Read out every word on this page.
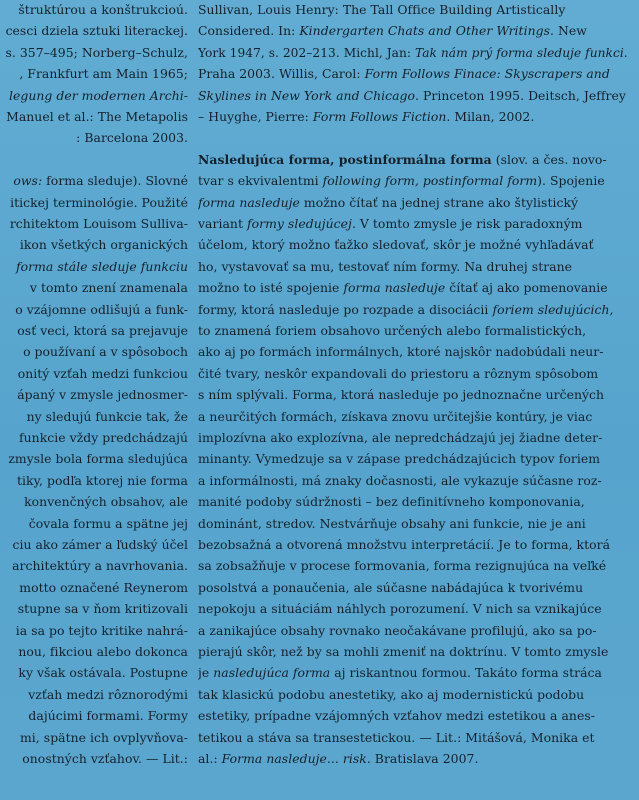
štruktúrou a konštrukcioú.
cesci dziela sztuki literackej.
s. 357–495; Norberg–Schulz,
, Frankfurt am Main 1965;
legung der modernen Archi-
Manuel et al.: The Metapolis
: Barcelona 2003.
ows: forma sleduje). Slovné
itickej terminológie. Použité
rchitektom Louisom Sulliva-
ikon všetkých organických
forma stále sleduje funkciu
v tomto znení znamenala
o vzájomne odlišujú a funk-
osť veci, ktorá sa prejavuje
o používaní a v spôsoboch
onitý vzťah medzi funkciou
ápaný v zmysle jednosmer-
ny sledujú funkcie tak, že
funkcie vždy predchádzajú
zmysle bola forma sledujúca
tiky, podľa ktorej nie forma
konvenčných obsahov, ale
čovala formu a spätne jej
ciu ako zámer a ľudský účel
architektúry a navrhovania.
motto označené Reynerom
stupne sa v ňom kritizovali
ia sa po tejto kritike nahrá-
nou, fikciou alebo dokonca
ky však ostávala. Postupne
vzťah medzi rôznorodými
dajúcimi formami. Formy
mi, spätne ich ovplyvňova-
onostných vzťahov. — Lit.:
Sullivan, Louis Henry: The Tall Office Building Artistically
Considered. In: Kindergarten Chats and Other Writings. New
York 1947, s. 202–213. Michl, Jan: Tak nám prý forma sleduje funkci.
Praha 2003. Willis, Carol: Form Follows Finace: Skyscrapers and
Skylines in New York and Chicago. Princeton 1995. Deitsch, Jeffrey
– Huyghe, Pierre: Form Follows Fiction. Milan, 2002.
Nasledujúca forma, postinformálna forma (slov. a čes. novo-
tvar s ekvivalentmi following form, postinformal form). Spojenie
forma nasleduje možno čítať na jednej strane ako štylistický
variant formy sledujúcej. V tomto zmysle je risk paradoxným
účelom, ktorý možno ťažko sledovať, skôr je možné vyhľadávať
ho, vystavovať sa mu, testovať ním formy. Na druhej strane
možno to isté spojenie forma nasleduje čítať aj ako pomenovanie
formy, ktorá nasleduje po rozpade a disociácii foriem sledujúcich,
to znamená foriem obsahovo určených alebo formalistických,
ako aj po formách informálnych, ktoré najskôr nadobúdali neur-
čité tvary, neskôr expandovali do priestoru a rôznym spôsobom
s ním splývali. Forma, ktorá nasleduje po jednoznačne určených
a neurčitých formách, získava znovu určitejšie kontúry, je viac
implozívna ako explozívna, ale nepredchádzajú jej žiadne deter-
minanty. Vymedzuje sa v zápase predchádzajúcich typov foriem
a informálnosti, má znaky dočasnosti, ale vykazuje súčasne roz-
manité podoby súdržnosti – bez definitívneho komponovania,
dominánt, stredov. Nestvárňuje obsahy ani funkcie, nie je ani
bezobsažná a otvorená množstvu interpretácií. Je to forma, ktorá
sa zobsažňuje v procese formovania, forma rezignujúca na veľké
posolstvá a ponaučenia, ale súčasne nabádajúca k tvorivému
nepokoju a situáciám náhlych porozumení. V nich sa vznikajúce
a zanikajúce obsahy rovnako neočakávane profilujú, ako sa po-
pierajú skôr, než by sa mohli zmeniť na doktrínu. V tomto zmysle
je nasledujúca forma aj riskantnou formou. Takáto forma stráca
tak klasickú podobu anestetiky, ako aj modernistickú podobu
estetiky, prípadne vzájomných vzťahov medzi estetikou a anes-
tetikou a stáva sa transestetickou. — Lit.: Mitášová, Monika et
al.: Forma nasleduje... risk. Bratislava 2007.
